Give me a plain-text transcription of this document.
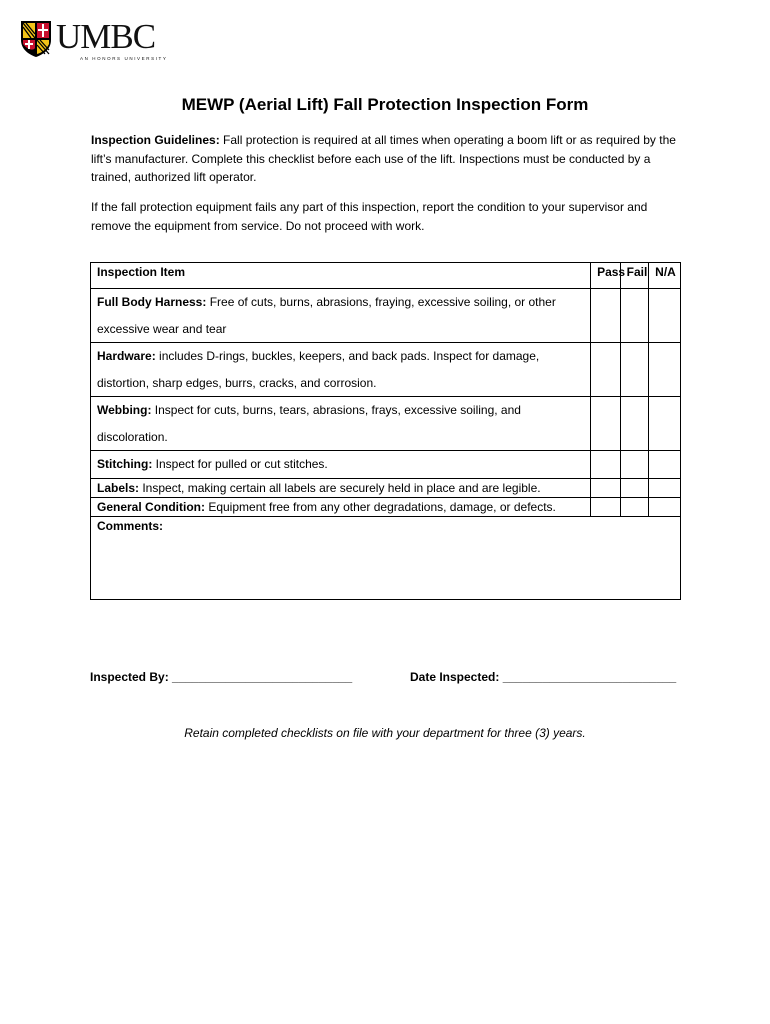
UMBC
AN HONORS UNIVERSITY
MEWP (Aerial Lift) Fall Protection Inspection Form
Inspection Guidelines: Fall protection is required at all times when operating a boom lift or as required by the lift’s manufacturer. Complete this checklist before each use of the lift. Inspections must be conducted by a trained, authorized lift operator.
If the fall protection equipment fails any part of this inspection, report the condition to your supervisor and remove the equipment from service. Do not proceed with work.
Inspection Item	Pass	Fail	N/A
Full Body Harness: Free of cuts, burns, abrasions, fraying, excessive soiling, or other excessive wear and tear			
Hardware: includes D-rings, buckles, keepers, and back pads. Inspect for damage, distortion, sharp edges, burrs, cracks, and corrosion.			
Webbing: Inspect for cuts, burns, tears, abrasions, frays, excessive soiling, and discoloration.			
Stitching: Inspect for pulled or cut stitches.			
Labels: Inspect, making certain all labels are securely held in place and are legible.			
General Condition: Equipment free from any other degradations, damage, or defects.			
Comments:			
Inspected By: ___________________________	Date Inspected: __________________________
Retain completed checklists on file with your department for three (3) years.
